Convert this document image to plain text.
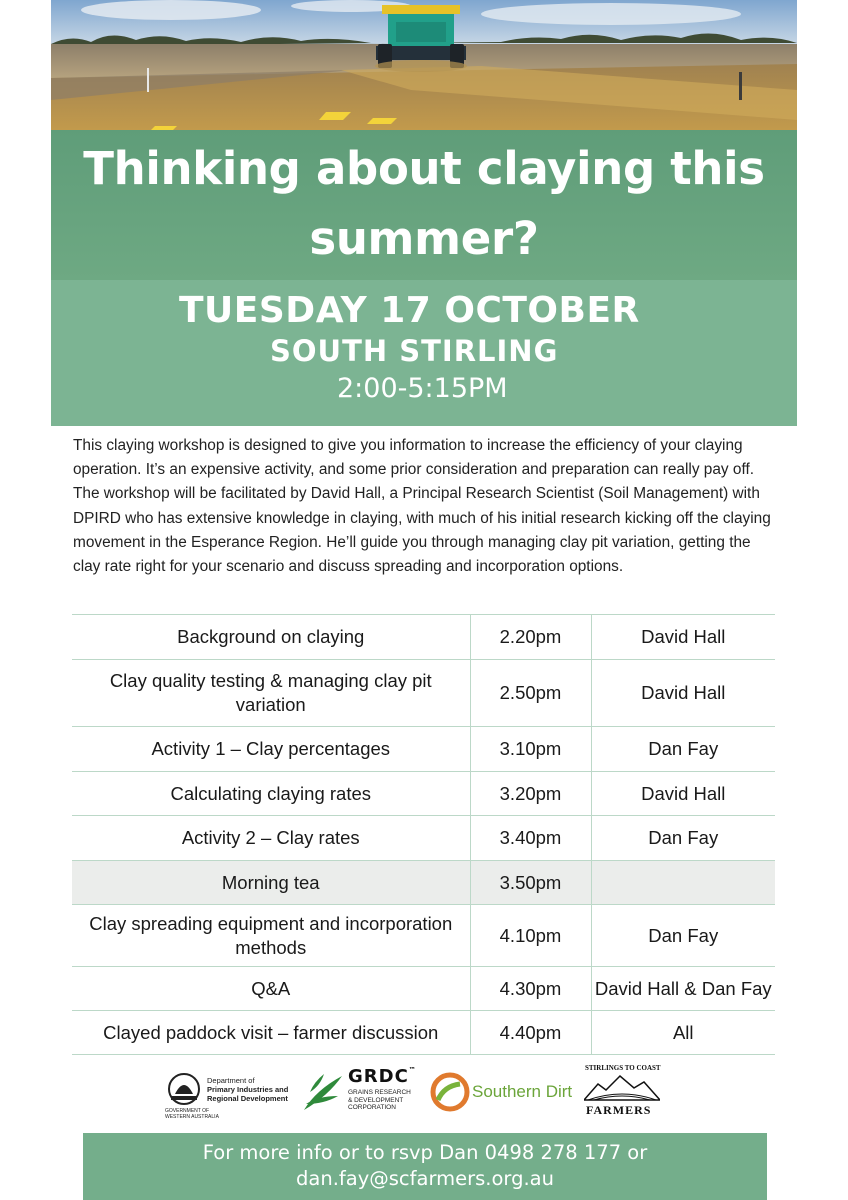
Thinking about claying this
summer?
TUESDAY 17 OCTOBER
SOUTH STIRLING
2:00-5:15PM

This claying workshop is designed to give you information to increase the efficiency of your claying operation. It’s an expensive activity, and some prior consideration and preparation can really pay off. The workshop will be facilitated by David Hall, a Principal Research Scientist (Soil Management) with DPIRD who has extensive knowledge in claying, with much of his initial research kicking off the claying movement in the Esperance Region. He’ll guide you through managing clay pit variation, getting the clay rate right for your scenario and discuss spreading and incorporation options.

Background on claying	2.20pm	David Hall
Clay quality testing & managing clay pit variation	2.50pm	David Hall
Activity 1 – Clay percentages	3.10pm	Dan Fay
Calculating claying rates	3.20pm	David Hall
Activity 2 – Clay rates	3.40pm	Dan Fay
Morning tea	3.50pm	
Clay spreading equipment and incorporation methods	4.10pm	Dan Fay
Q&A	4.30pm	David Hall & Dan Fay
Clayed paddock visit – farmer discussion	4.40pm	All
Department of
Primary Industries and
Regional Development
GOVERNMENT OF
WESTERN AUSTRALIA
GRDC™
GRAINS RESEARCH
& DEVELOPMENT
CORPORATION
Southern Dirt
STIRLINGS TO COAST
FARMERS
For more info or to rsvp Dan 0498 278 177 or
dan.fay@scfarmers.org.au
